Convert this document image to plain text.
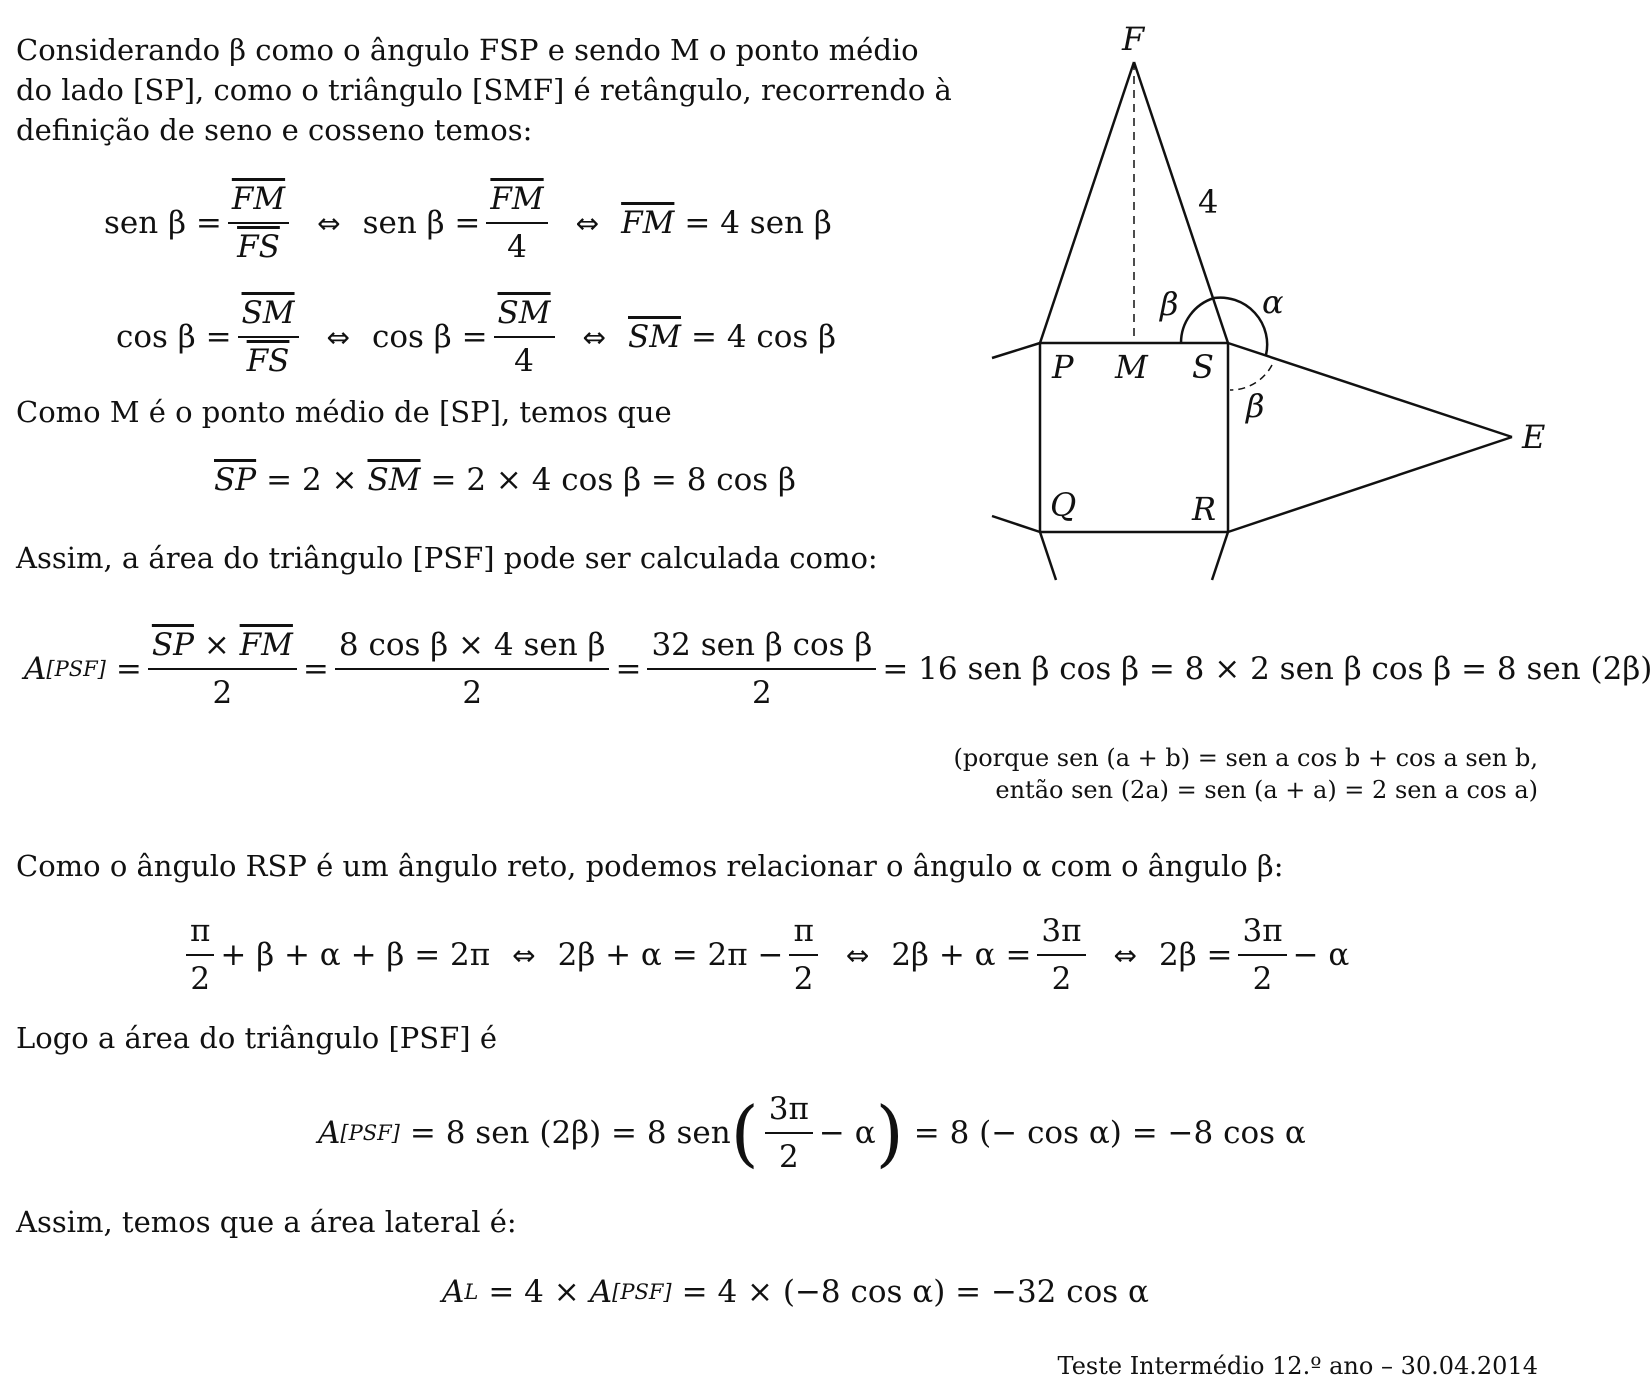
Considerando β como o ângulo FSP e sendo M o ponto médio
do lado [SP], como o triângulo [SMF] é retângulo, recorrendo à
definição de seno e cosseno temos:
sen $\beta = \frac{\overline{FM}}{FS}$ ⇔ sen $\beta = \frac{\overline{FM}}{4}$ ⇔ $\overline{FM} = 4$ sen β
$\cos \beta = \frac{\overline{SM}}{FS}$ ⇔ $\cos \beta = \frac{\overline{SM}}{4}$ ⇔ $\overline{SM} = 4$ cos β
Como M é o ponto médio de [SP], temos que
$\overline{SP} = 2 \times \overline{SM} = 2 \times 4$ cos β = 8 cos β
Assim, a área do triângulo [PSF] pode ser calculada como:
A $[PSF] = \frac{\overline{SP} \times \overline{FM}}{2} = \frac{\text{8 cos β × 4 sen β}}{2} = \frac{\text{32 sen β cos β}}{2} = 16$ sen β cos β = 8 × 2 sen β cos β = 8 sen (2β)
(porque sen (a + b) = sen a cos b + cos a sen b,
então sen (2a) = sen (a + a) = 2 sen a cos a)
Como o ângulo RSP é um ângulo reto, podemos relacionar o ângulo α com o ângulo β:
$\frac{\pi}{2} + \beta + \alpha + \beta = 2\pi$ ⇔ $2\beta + \alpha = 2\pi - \frac{\pi}{2}$ ⇔ $2\beta + \alpha = \frac{3\pi}{2}$ ⇔ $2\beta = \frac{3\pi}{2} - \alpha$
Logo a área do triângulo [PSF] é
A [PSF] = 8 sen (2β) = 8 sen ( $\frac{3\pi}{2} - \alpha$ ) = 8 (− cos α) = −8 cos α
Assim, temos que a área lateral é:
A L = 4 × A [PSF] = 4 × (−8 cos α) = −32 cos α
Teste Intermédio 12.º ano – 30.04.2014
F
4
β	α
P M S
β
E
Q	R
